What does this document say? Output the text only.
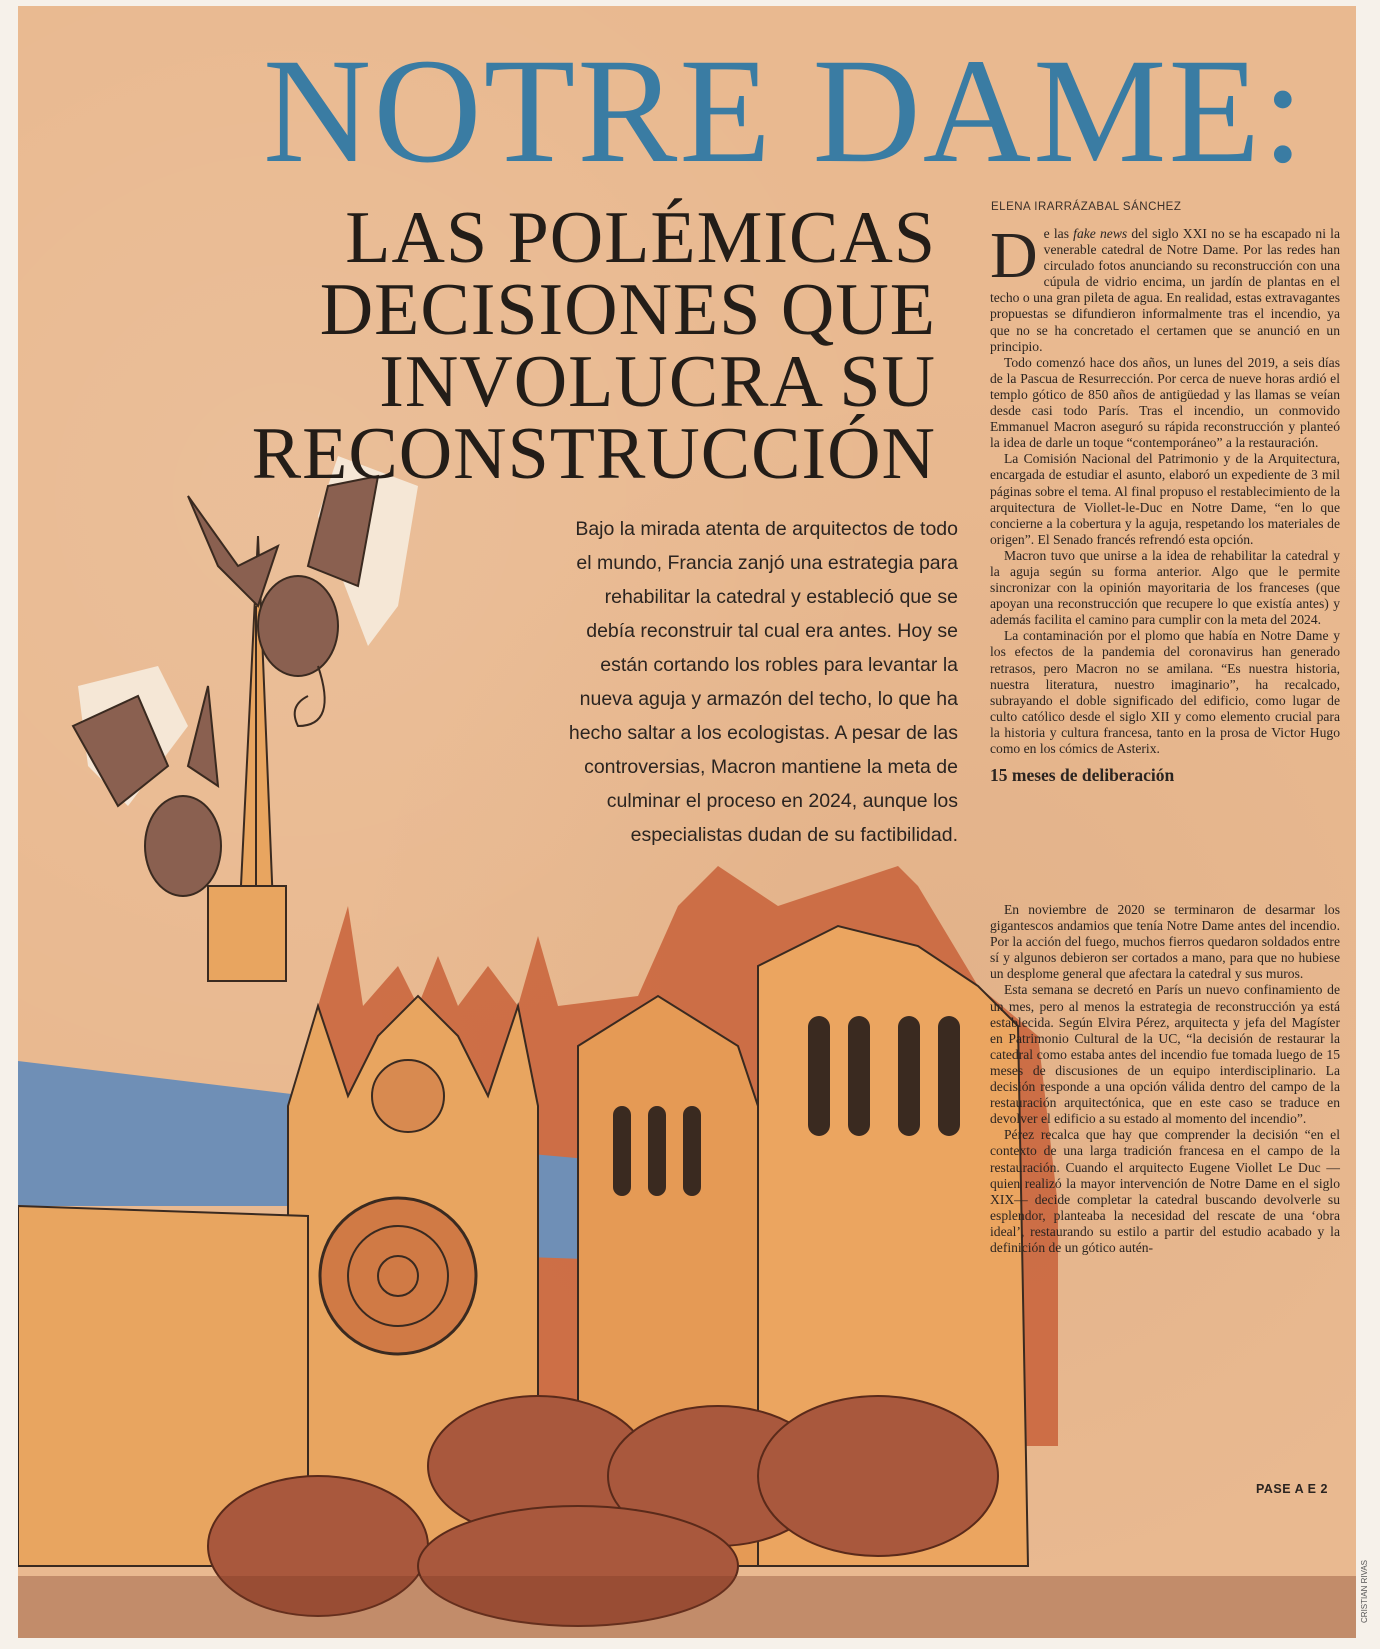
NOTRE DAME:
LAS POLÉMICAS
DECISIONES QUE
INVOLUCRA SU
RECONSTRUCCIÓN
Bajo la mirada atenta de arquitectos de todo el mundo, Francia zanjó una estrategia para rehabilitar la catedral y estableció que se debía reconstruir tal cual era antes. Hoy se están cortando los robles para levantar la nueva aguja y armazón del techo, lo que ha hecho saltar a los ecologistas. A pesar de las controversias, Macron mantiene la meta de culminar el proceso en 2024, aunque los especialistas dudan de su factibilidad.
ELENA IRARRÁZABAL SÁNCHEZ

De las fake news del siglo XXI no se ha escapado ni la venerable catedral de Notre Dame. Por las redes han circulado fotos anunciando su reconstrucción con una cúpula de vidrio encima, un jardín de plantas en el techo o una gran pileta de agua. En realidad, estas extravagantes propuestas se difundieron informalmente tras el incendio, ya que no se ha concretado el certamen que se anunció en un principio.

Todo comenzó hace dos años, un lunes del 2019, a seis días de la Pascua de Resurrección. Por cerca de nueve horas ardió el templo gótico de 850 años de antigüedad y las llamas se veían desde casi todo París. Tras el incendio, un conmovido Emmanuel Macron aseguró su rápida reconstrucción y planteó la idea de darle un toque “contemporáneo” a la restauración.

La Comisión Nacional del Patrimonio y de la Arquitectura, encargada de estudiar el asunto, elaboró un expediente de 3 mil páginas sobre el tema. Al final propuso el restablecimiento de la arquitectura de Viollet-le-Duc en Notre Dame, “en lo que concierne a la cobertura y la aguja, respetando los materiales de origen”. El Senado francés refrendó esta opción.

Macron tuvo que unirse a la idea de rehabilitar la catedral y la aguja según su forma anterior. Algo que le permite sincronizar con la opinión mayoritaria de los franceses (que apoyan una reconstrucción que recupere lo que existía antes) y además facilita el camino para cumplir con la meta del 2024.

La contaminación por el plomo que había en Notre Dame y los efectos de la pandemia del coronavirus han generado retrasos, pero Macron no se amilana. “Es nuestra historia, nuestra literatura, nuestro imaginario”, ha recalcado, subrayando el doble significado del edificio, como lugar de culto católico desde el siglo XII y como elemento crucial para la historia y cultura francesa, tanto en la prosa de Victor Hugo como en los cómics de Asterix.

15 meses de deliberación

En noviembre de 2020 se terminaron de desarmar los gigantescos andamios que tenía Notre Dame antes del incendio. Por la acción del fuego, muchos fierros quedaron soldados entre sí y algunos debieron ser cortados a mano, para que no hubiese un desplome general que afectara la catedral y sus muros.

Esta semana se decretó en París un nuevo confinamiento de un mes, pero al menos la estrategia de reconstrucción ya está establecida. Según Elvira Pérez, arquitecta y jefa del Magíster en Patrimonio Cultural de la UC, “la decisión de restaurar la catedral como estaba antes del incendio fue tomada luego de 15 meses de discusiones de un equipo interdisciplinario. La decisión responde a una opción válida dentro del campo de la restauración arquitectónica, que en este caso se traduce en devolver el edificio a su estado al momento del incendio”.

Pérez recalca que hay que comprender la decisión “en el contexto de una larga tradición francesa en el campo de la restauración. Cuando el arquitecto Eugene Viollet Le Duc —quien realizó la mayor intervención de Notre Dame en el siglo XIX— decide completar la catedral buscando devolverle su esplendor, planteaba la necesidad del rescate de una ‘obra ideal’, restaurando su estilo a partir del estudio acabado y la definición de un gótico autén-

PASE A E 2
CRISTIAN RIVAS
